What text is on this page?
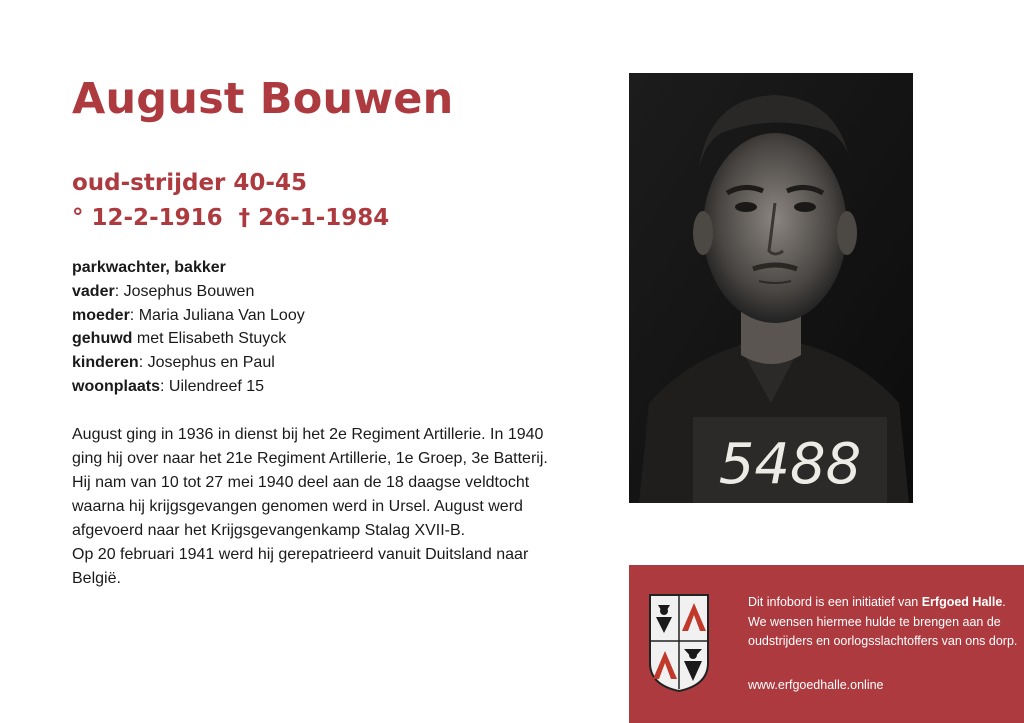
August Bouwen
oud-strijder 40-45
° 12-2-1916  † 26-1-1984
parkwachter, bakker
vader: Josephus Bouwen
moeder: Maria Juliana Van Looy
gehuwd met Elisabeth Stuyck
kinderen: Josephus en Paul
woonplaats: Uilendreef 15

August ging in 1936 in dienst bij het 2e Regiment Artillerie. In 1940 ging hij over naar het 21e Regiment Artillerie, 1e Groep, 3e Batterij.

Hij nam van 10 tot 27 mei 1940 deel aan de 18 daagse veldtocht waarna hij krijgsgevangen genomen werd in Ursel. August werd afgevoerd naar het Krijgsgevangenkamp Stalag XVII-B.

Op 20 februari 1941 werd hij gerepatrieerd vanuit Duitsland naar België.

5488
Dit infobord is een initiatief van Erfgoed Halle. We wensen hiermee hulde te brengen aan de oudstrijders en oorlogsslachtoffers van ons dorp.
www.erfgoedhalle.online
